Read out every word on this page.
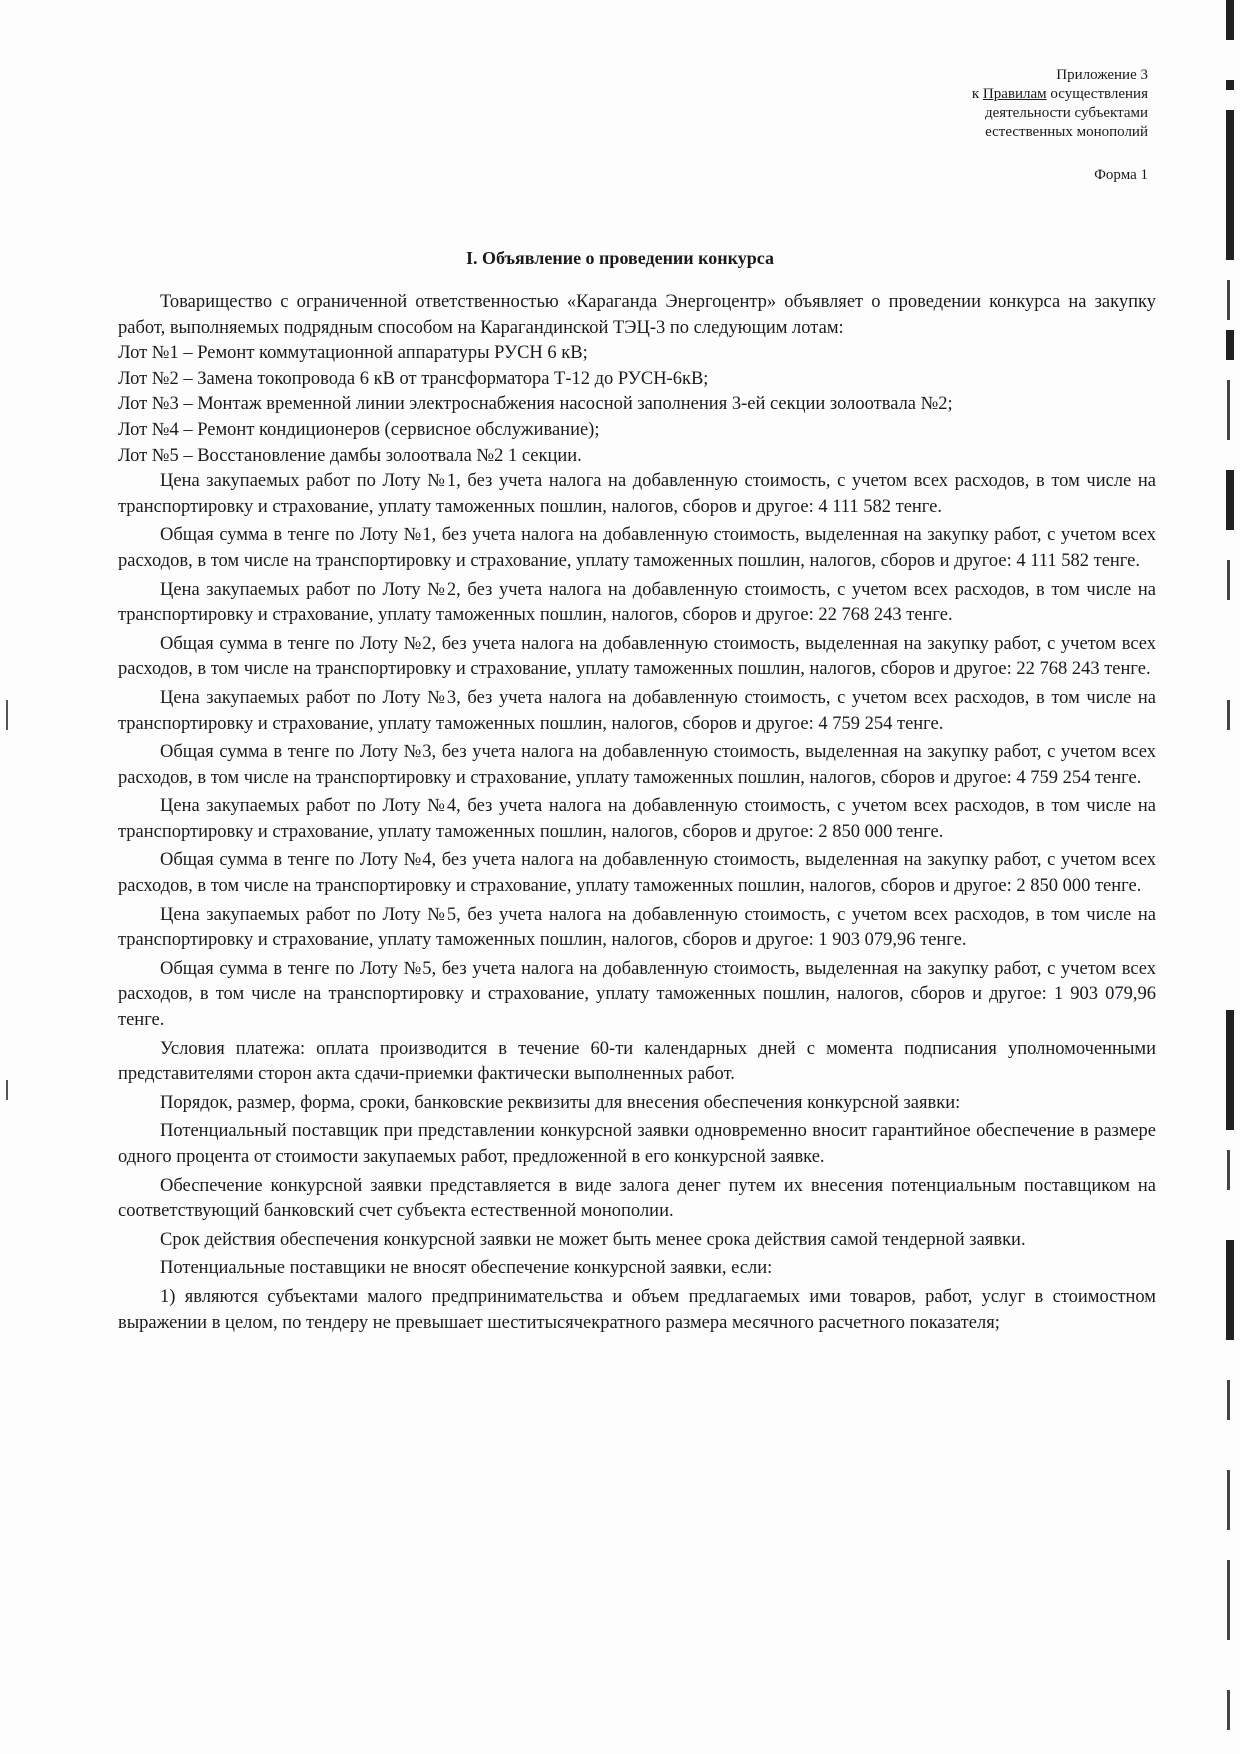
Приложение 3
к Правилам осуществления
деятельности субъектами
естественных монополий
Форма 1
I. Объявление о проведении конкурса

Товарищество с ограниченной ответственностью «Караганда Энергоцентр» объявляет о проведении конкурса на закупку работ, выполняемых подрядным способом на Карагандинской ТЭЦ-3 по следующим лотам:

Лот №1 – Ремонт коммутационной аппаратуры РУСН 6 кВ;

Лот №2 – Замена токопровода 6 кВ от трансформатора Т-12 до РУСН-6кВ;

Лот №3 – Монтаж временной линии электроснабжения насосной заполнения 3-ей секции золоотвала №2;

Лот №4 – Ремонт кондиционеров (сервисное обслуживание);

Лот №5 – Восстановление дамбы золоотвала №2 1 секции.

Цена закупаемых работ по Лоту №1, без учета налога на добавленную стоимость, с учетом всех расходов, в том числе на транспортировку и страхование, уплату таможенных пошлин, налогов, сборов и другое: 4 111 582 тенге.

Общая сумма в тенге по Лоту №1, без учета налога на добавленную стоимость, выделенная на закупку работ, с учетом всех расходов, в том числе на транспортировку и страхование, уплату таможенных пошлин, налогов, сборов и другое: 4 111 582 тенге.

Цена закупаемых работ по Лоту №2, без учета налога на добавленную стоимость, с учетом всех расходов, в том числе на транспортировку и страхование, уплату таможенных пошлин, налогов, сборов и другое: 22 768 243 тенге.

Общая сумма в тенге по Лоту №2, без учета налога на добавленную стоимость, выделенная на закупку работ, с учетом всех расходов, в том числе на транспортировку и страхование, уплату таможенных пошлин, налогов, сборов и другое: 22 768 243 тенге.

Цена закупаемых работ по Лоту №3, без учета налога на добавленную стоимость, с учетом всех расходов, в том числе на транспортировку и страхование, уплату таможенных пошлин, налогов, сборов и другое: 4 759 254 тенге.

Общая сумма в тенге по Лоту №3, без учета налога на добавленную стоимость, выделенная на закупку работ, с учетом всех расходов, в том числе на транспортировку и страхование, уплату таможенных пошлин, налогов, сборов и другое: 4 759 254 тенге.

Цена закупаемых работ по Лоту №4, без учета налога на добавленную стоимость, с учетом всех расходов, в том числе на транспортировку и страхование, уплату таможенных пошлин, налогов, сборов и другое: 2 850 000 тенге.

Общая сумма в тенге по Лоту №4, без учета налога на добавленную стоимость, выделенная на закупку работ, с учетом всех расходов, в том числе на транспортировку и страхование, уплату таможенных пошлин, налогов, сборов и другое: 2 850 000 тенге.

Цена закупаемых работ по Лоту №5, без учета налога на добавленную стоимость, с учетом всех расходов, в том числе на транспортировку и страхование, уплату таможенных пошлин, налогов, сборов и другое: 1 903 079,96 тенге.

Общая сумма в тенге по Лоту №5, без учета налога на добавленную стоимость, выделенная на закупку работ, с учетом всех расходов, в том числе на транспортировку и страхование, уплату таможенных пошлин, налогов, сборов и другое: 1 903 079,96 тенге.

Условия платежа: оплата производится в течение 60-ти календарных дней с момента подписания уполномоченными представителями сторон акта сдачи-приемки фактически выполненных работ.

Порядок, размер, форма, сроки, банковские реквизиты для внесения обеспечения конкурсной заявки:

Потенциальный поставщик при представлении конкурсной заявки одновременно вносит гарантийное обеспечение в размере одного процента от стоимости закупаемых работ, предложенной в его конкурсной заявке.

Обеспечение конкурсной заявки представляется в виде залога денег путем их внесения потенциальным поставщиком на соответствующий банковский счет субъекта естественной монополии.

Срок действия обеспечения конкурсной заявки не может быть менее срока действия самой тендерной заявки.

Потенциальные поставщики не вносят обеспечение конкурсной заявки, если:

1) являются субъектами малого предпринимательства и объем предлагаемых ими товаров, работ, услуг в стоимостном выражении в целом, по тендеру не превышает шеститысячекратного размера месячного расчетного показателя;
